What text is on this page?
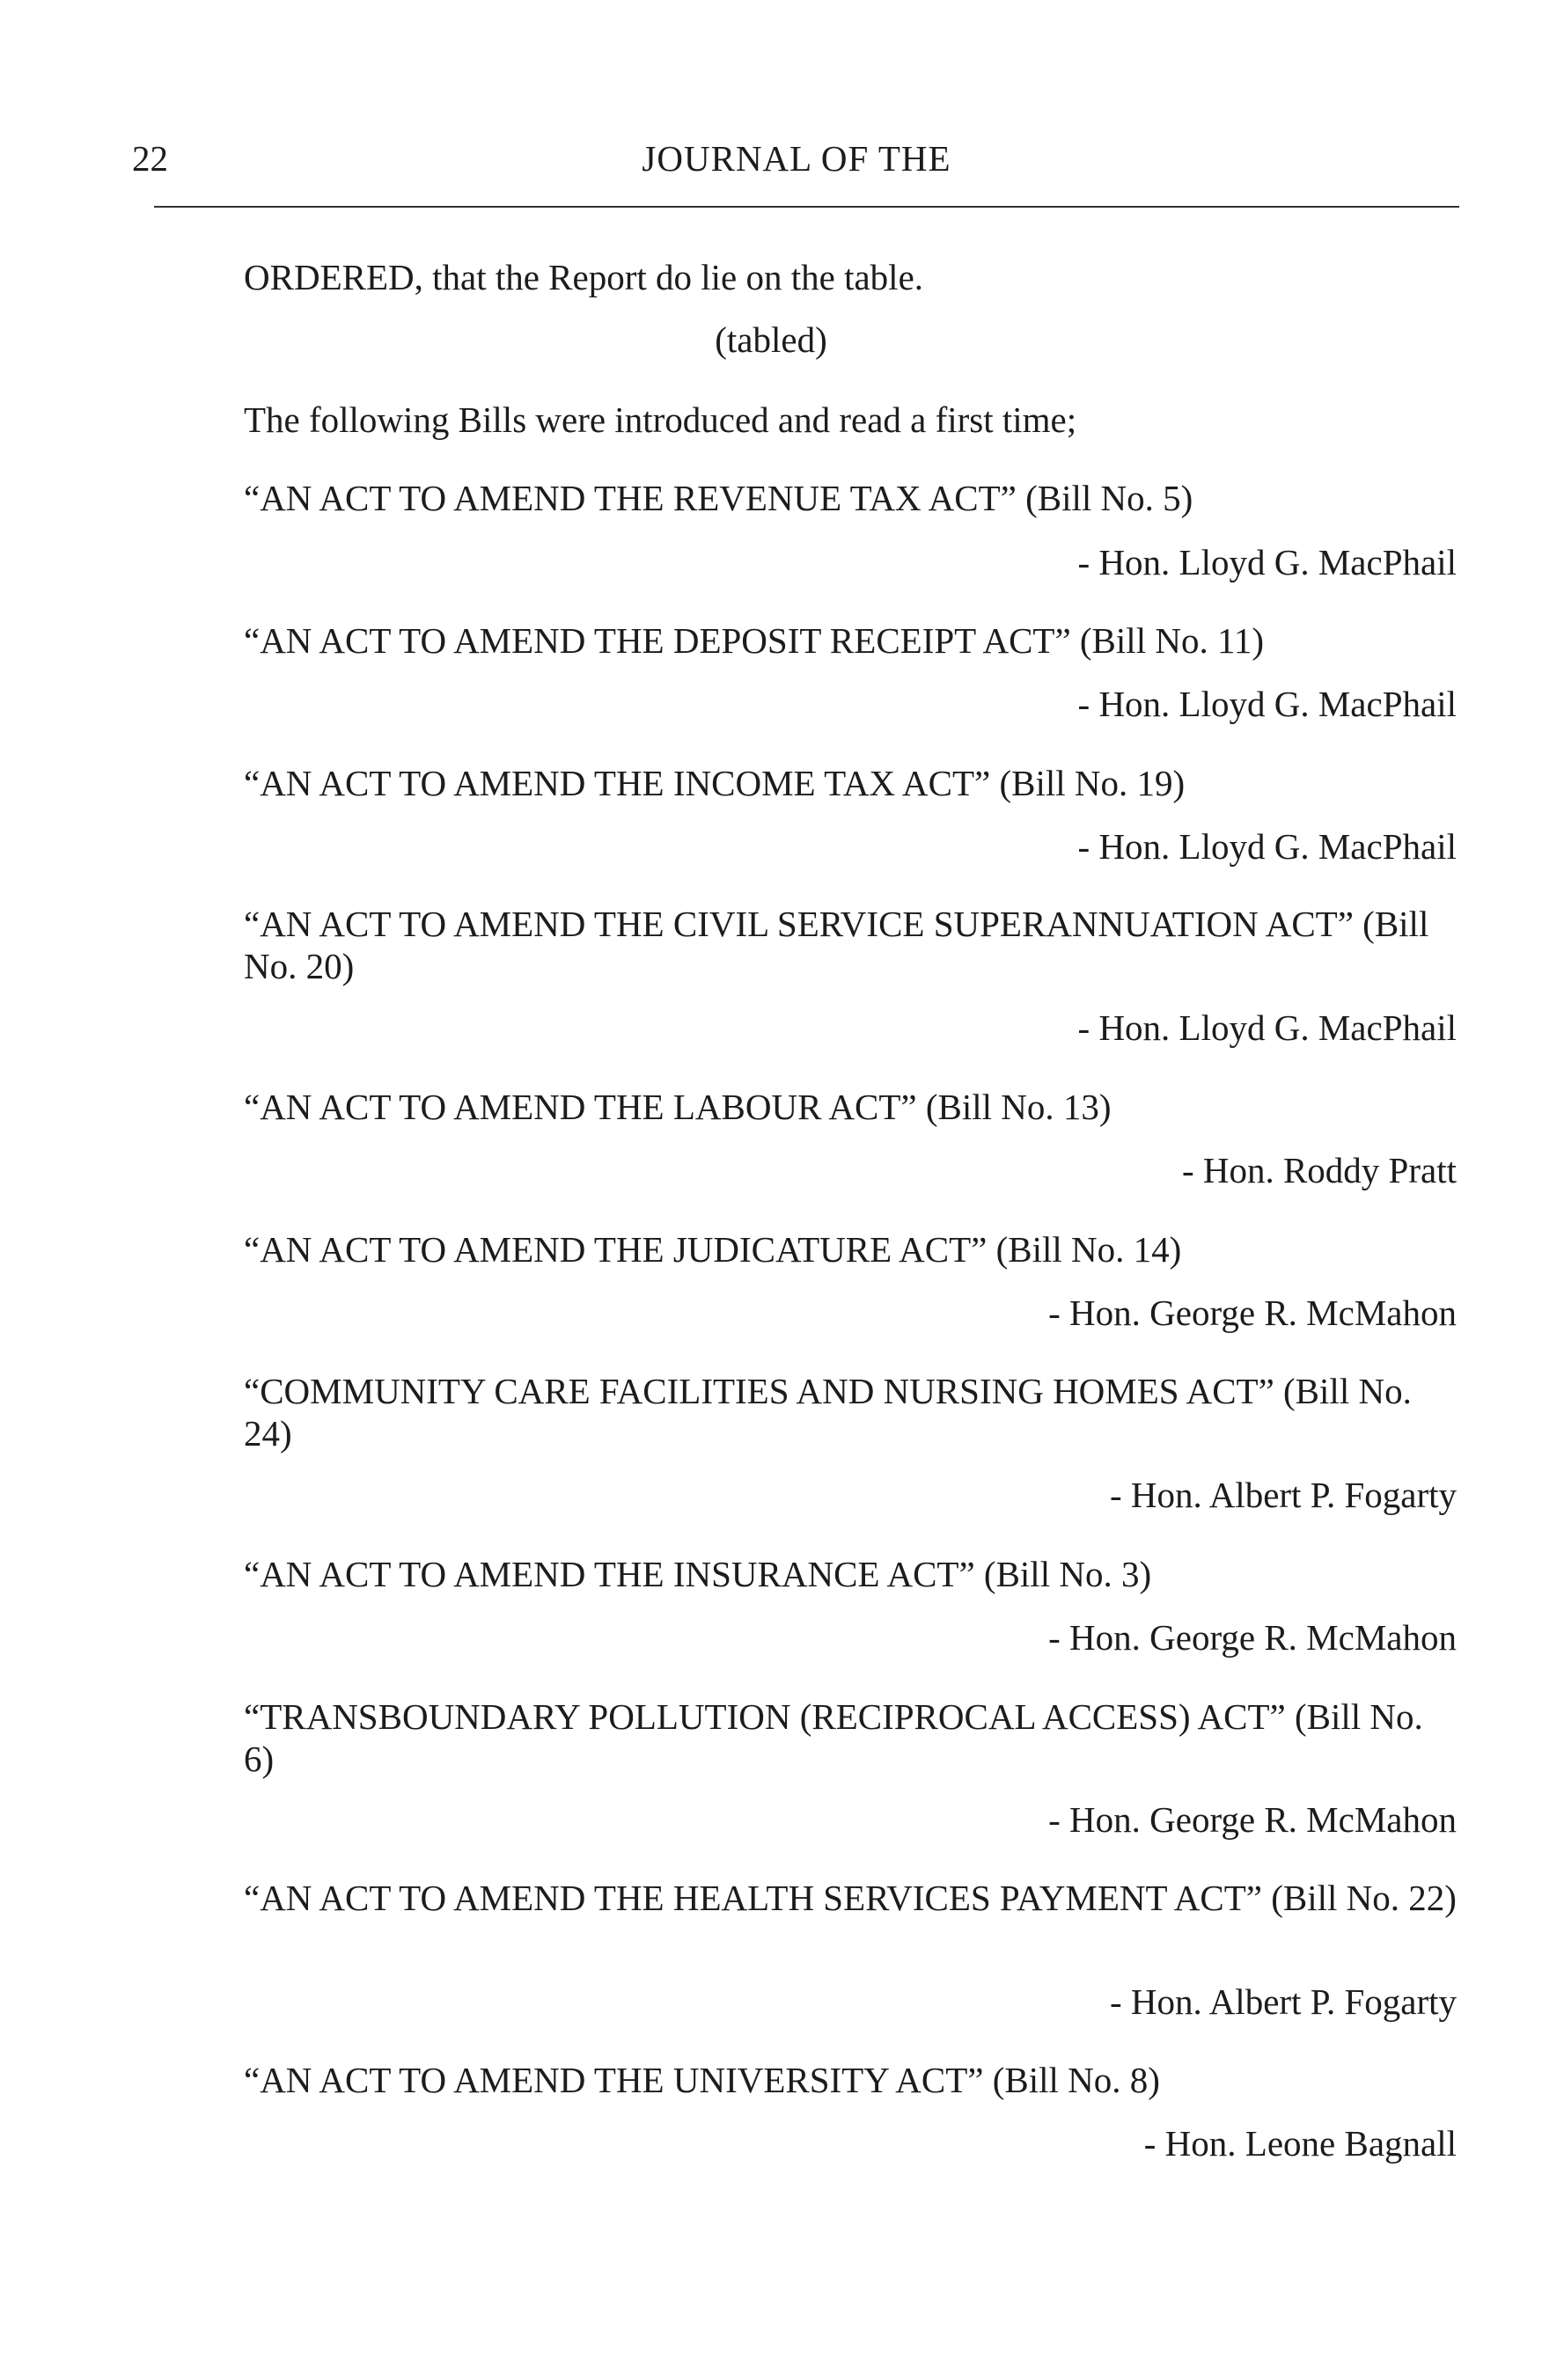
22	JOURNAL OF THE
ORDERED, that the Report do lie on the table.
(tabled)
The following Bills were introduced and read a first time;
“AN ACT TO AMEND THE REVENUE TAX ACT” (Bill No. 5)
- Hon. Lloyd G. MacPhail
“AN ACT TO AMEND THE DEPOSIT RECEIPT ACT” (Bill No. 11)
- Hon. Lloyd G. MacPhail
“AN ACT TO AMEND THE INCOME TAX ACT” (Bill No. 19)
- Hon. Lloyd G. MacPhail
“AN ACT TO AMEND THE CIVIL SERVICE SUPERANNUATION ACT” (Bill No. 20)
- Hon. Lloyd G. MacPhail
“AN ACT TO AMEND THE LABOUR ACT” (Bill No. 13)
- Hon. Roddy Pratt
“AN ACT TO AMEND THE JUDICATURE ACT” (Bill No. 14)
- Hon. George R. McMahon
“COMMUNITY CARE FACILITIES AND NURSING HOMES ACT” (Bill No. 24)
- Hon. Albert P. Fogarty
“AN ACT TO AMEND THE INSURANCE ACT” (Bill No. 3)
- Hon. George R. McMahon
“TRANSBOUNDARY POLLUTION (RECIPROCAL ACCESS) ACT” (Bill No. 6)
- Hon. George R. McMahon
“AN ACT TO AMEND THE HEALTH SERVICES PAYMENT ACT” (Bill No. 22)
- Hon. Albert P. Fogarty
“AN ACT TO AMEND THE UNIVERSITY ACT” (Bill No. 8)
- Hon. Leone Bagnall
